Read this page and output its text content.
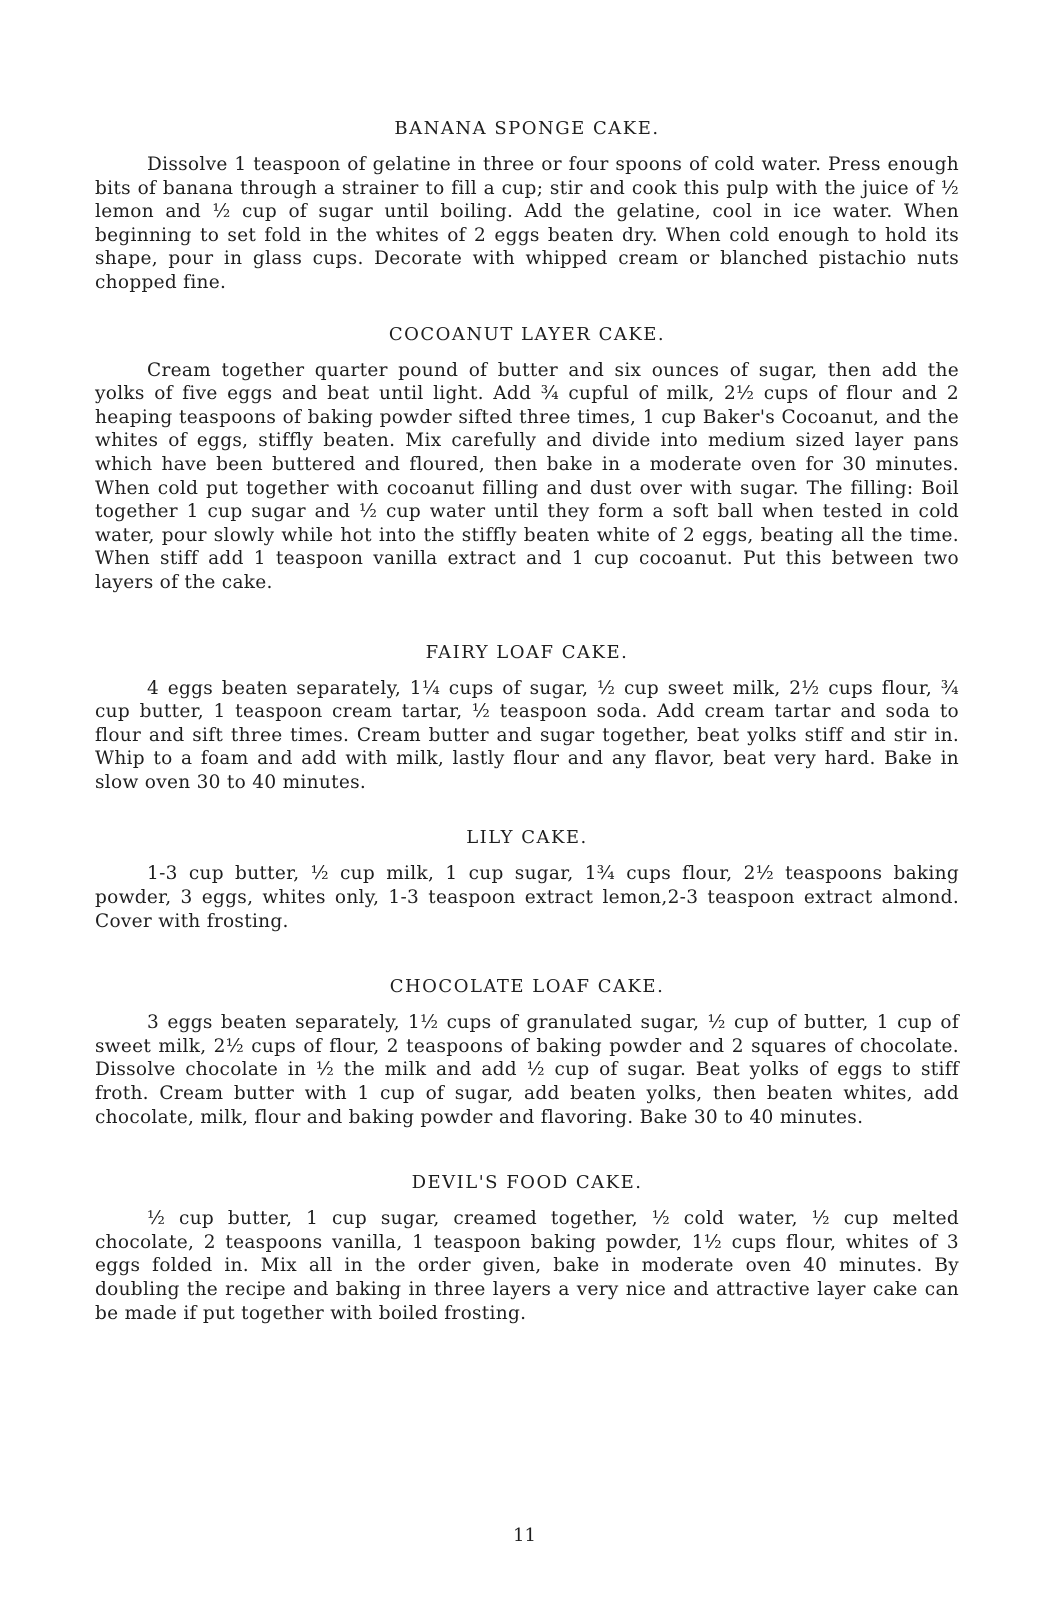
BANANA SPONGE CAKE.

Dissolve 1 teaspoon of gelatine in three or four spoons of cold water. Press enough bits of banana through a strainer to fill a cup; stir and cook this pulp with the juice of ½ lemon and ½ cup of sugar until boiling. Add the gelatine, cool in ice water. When beginning to set fold in the whites of 2 eggs beaten dry. When cold enough to hold its shape, pour in glass cups. Decorate with whipped cream or blanched pistachio nuts chopped fine.

COCOANUT LAYER CAKE.

Cream together quarter pound of butter and six ounces of sugar, then add the yolks of five eggs and beat until light. Add ¾ cupful of milk, 2½ cups of flour and 2 heaping teaspoons of baking powder sifted three times, 1 cup Baker's Cocoanut, and the whites of eggs, stiffly beaten. Mix carefully and divide into medium sized layer pans which have been buttered and floured, then bake in a moderate oven for 30 minutes. When cold put together with cocoanut filling and dust over with sugar. The filling: Boil together 1 cup sugar and ½ cup water until they form a soft ball when tested in cold water, pour slowly while hot into the stiffly beaten white of 2 eggs, beating all the time. When stiff add 1 teaspoon vanilla extract and 1 cup cocoanut. Put this between two layers of the cake.

FAIRY LOAF CAKE.

4 eggs beaten separately, 1¼ cups of sugar, ½ cup sweet milk, 2½ cups flour, ¾ cup butter, 1 teaspoon cream tartar, ½ teaspoon soda. Add cream tartar and soda to flour and sift three times. Cream butter and sugar together, beat yolks stiff and stir in. Whip to a foam and add with milk, lastly flour and any flavor, beat very hard. Bake in slow oven 30 to 40 minutes.

LILY CAKE.

1-3 cup butter, ½ cup milk, 1 cup sugar, 1¾ cups flour, 2½ teaspoons baking powder, 3 eggs, whites only, 1-3 teaspoon extract lemon,2-3 teaspoon extract almond. Cover with frosting.

CHOCOLATE LOAF CAKE.

3 eggs beaten separately, 1½ cups of granulated sugar, ½ cup of butter, 1 cup of sweet milk, 2½ cups of flour, 2 teaspoons of baking powder and 2 squares of chocolate. Dissolve chocolate in ½ the milk and add ½ cup of sugar. Beat yolks of eggs to stiff froth. Cream butter with 1 cup of sugar, add beaten yolks, then beaten whites, add chocolate, milk, flour and baking powder and flavoring. Bake 30 to 40 minutes.

DEVIL'S FOOD CAKE.

½ cup butter, 1 cup sugar, creamed together, ½ cold water, ½ cup melted chocolate, 2 teaspoons vanilla, 1 teaspoon baking powder, 1½ cups flour, whites of 3 eggs folded in. Mix all in the order given, bake in moderate oven 40 minutes. By doubling the recipe and baking in three layers a very nice and attractive layer cake can be made if put together with boiled frosting.

11
